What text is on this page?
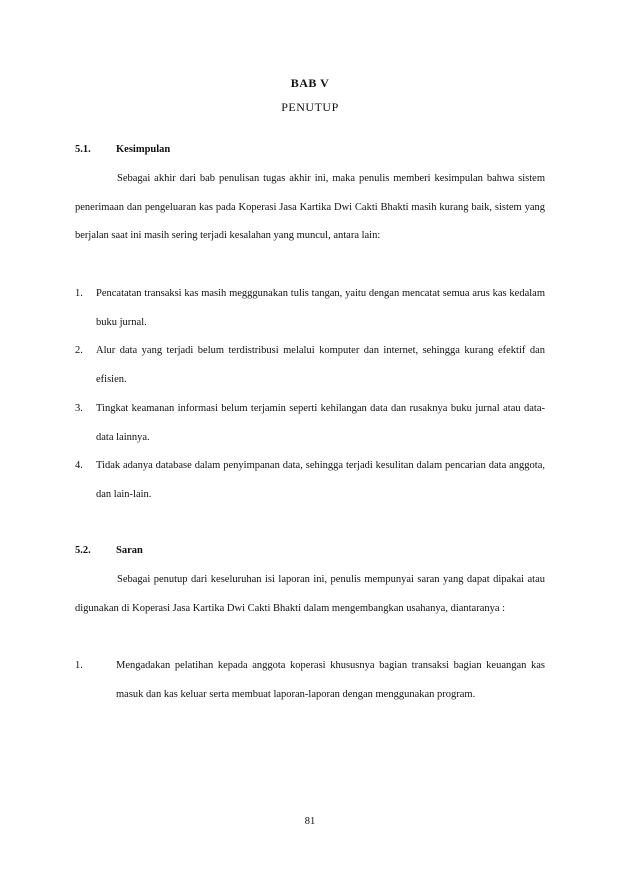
BAB V
PENUTUP
5.1. Kesimpulan

Sebagai akhir dari bab penulisan tugas akhir ini, maka penulis memberi kesimpulan bahwa sistem penerimaan dan pengeluaran kas pada Koperasi Jasa Kartika Dwi Cakti Bhakti masih kurang baik, sistem yang berjalan saat ini masih sering terjadi kesalahan yang muncul, antara lain:

1. Pencatatan transaksi kas masih megggunakan tulis tangan, yaitu dengan mencatat semua arus kas kedalam buku jurnal.
2. Alur data yang terjadi belum terdistribusi melalui komputer dan internet, sehingga kurang efektif dan efisien.
3. Tingkat keamanan informasi belum terjamin seperti kehilangan data dan rusaknya buku jurnal atau data-data lainnya.
4. Tidak adanya database dalam penyimpanan data, sehingga terjadi kesulitan dalam pencarian data anggota, dan lain-lain.
5.2. Saran

Sebagai penutup dari keseluruhan isi laporan ini, penulis mempunyai saran yang dapat dipakai atau digunakan di Koperasi Jasa Kartika Dwi Cakti Bhakti dalam mengembangkan usahanya, diantaranya :

1.	Mengadakan pelatihan kepada anggota koperasi khususnya bagian transaksi bagian keuangan kas masuk dan kas keluar serta membuat laporan-laporan dengan menggunakan program.
81
